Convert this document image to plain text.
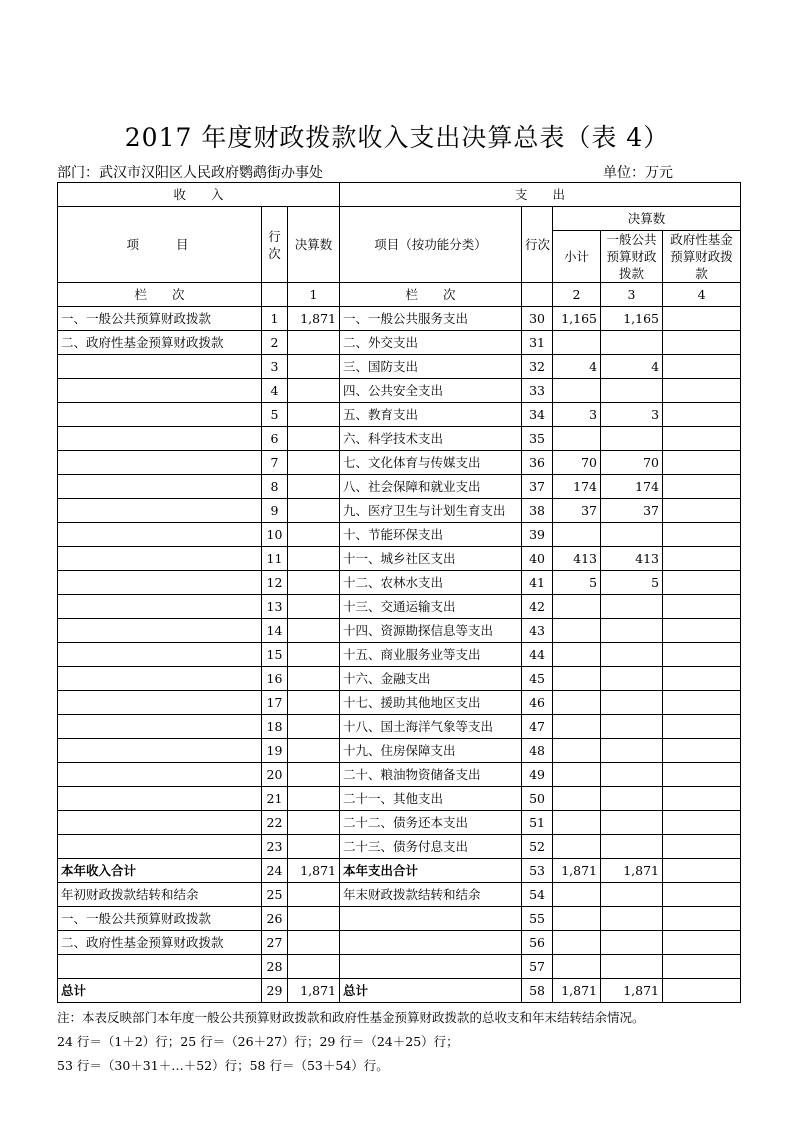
2017 年度财政拨款收入支出决算总表（表 4）
部门：武汉市汉阳区人民政府鹦鹉街办事处	单位：万元
收　　入			支　　出				
项　　目	行次	决算数	项目（按功能分类）	行次	决算数		
					小计	一般公共预算财政拨款	政府性基金预算财政拨款
栏　　次		1	栏　　次		2	3	4
一、一般公共预算财政拨款	1	1,871	一、一般公共服务支出	30	1,165	1,165	
二、政府性基金预算财政拨款	2		二、外交支出	31			
	3		三、国防支出	32	4	4	
	4		四、公共安全支出	33			
	5		五、教育支出	34	3	3	
	6		六、科学技术支出	35			
	7		七、文化体育与传媒支出	36	70	70	
	8		八、社会保障和就业支出	37	174	174	
	9		九、医疗卫生与计划生育支出	38	37	37	
	10		十、节能环保支出	39			
	11		十一、城乡社区支出	40	413	413	
	12		十二、农林水支出	41	5	5	
	13		十三、交通运输支出	42			
	14		十四、资源勘探信息等支出	43			
	15		十五、商业服务业等支出	44			
	16		十六、金融支出	45			
	17		十七、援助其他地区支出	46			
	18		十八、国土海洋气象等支出	47			
	19		十九、住房保障支出	48			
	20		二十、粮油物资储备支出	49			
	21		二十一、其他支出	50			
	22		二十二、债务还本支出	51			
	23		二十三、债务付息支出	52			
本年收入合计	24	1,871	本年支出合计	53	1,871	1,871	
年初财政拨款结转和结余	25		年末财政拨款结转和结余	54			
一、一般公共预算财政拨款	26			55			
二、政府性基金预算财政拨款	27			56			
	28			57			
总计	29	1,871	总计	58	1,871	1,871	
注：本表反映部门本年度一般公共预算财政拨款和政府性基金预算财政拨款的总收支和年末结转结余情况。
24 行＝（1＋2）行；25 行＝（26＋27）行；29 行＝（24＋25）行；
53 行＝（30＋31＋…＋52）行；58 行＝（53＋54）行。
